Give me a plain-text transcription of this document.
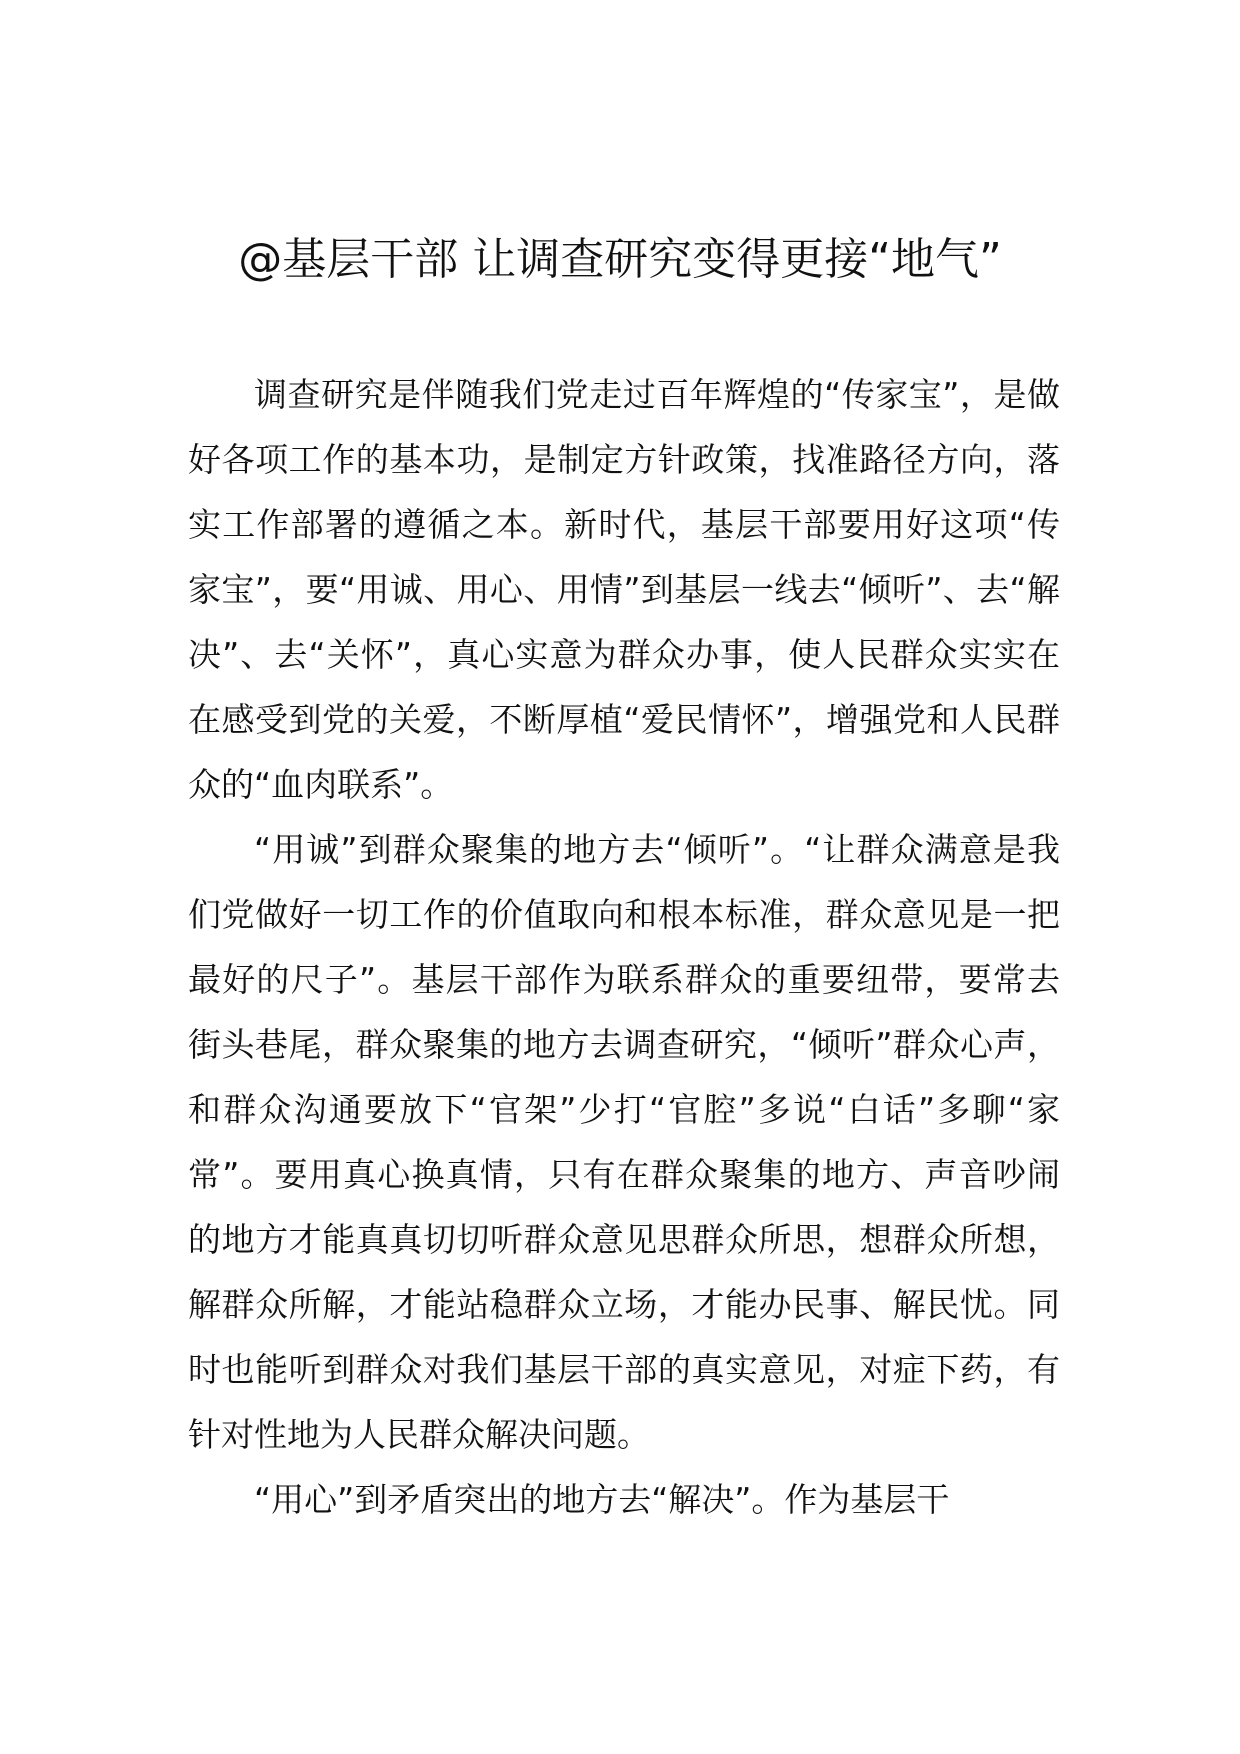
@基层干部 让调查研究变得更接“地气”

调查研究是伴随我们党走过百年辉煌的“传家宝”，是做好各项工作的基本功，是制定方针政策，找准路径方向，落实工作部署的遵循之本。新时代，基层干部要用好这项“传家宝”，要“用诚、用心、用情”到基层一线去“倾听”、去“解决”、去“关怀”，真心实意为群众办事，使人民群众实实在在感受到党的关爱，不断厚植“爱民情怀”，增强党和人民群众的“血肉联系”。

“用诚”到群众聚集的地方去“倾听”。“让群众满意是我们党做好一切工作的价值取向和根本标准，群众意见是一把最好的尺子”。基层干部作为联系群众的重要纽带，要常去街头巷尾，群众聚集的地方去调查研究，“倾听”群众心声，和群众沟通要放下“官架”少打“官腔”多说“白话”多聊“家常”。要用真心换真情，只有在群众聚集的地方、声音吵闹的地方才能真真切切听群众意见思群众所思，想群众所想，解群众所解，才能站稳群众立场，才能办民事、解民忧。同时也能听到群众对我们基层干部的真实意见，对症下药，有针对性地为人民群众解决问题。

“用心”到矛盾突出的地方去“解决”。作为基层干
